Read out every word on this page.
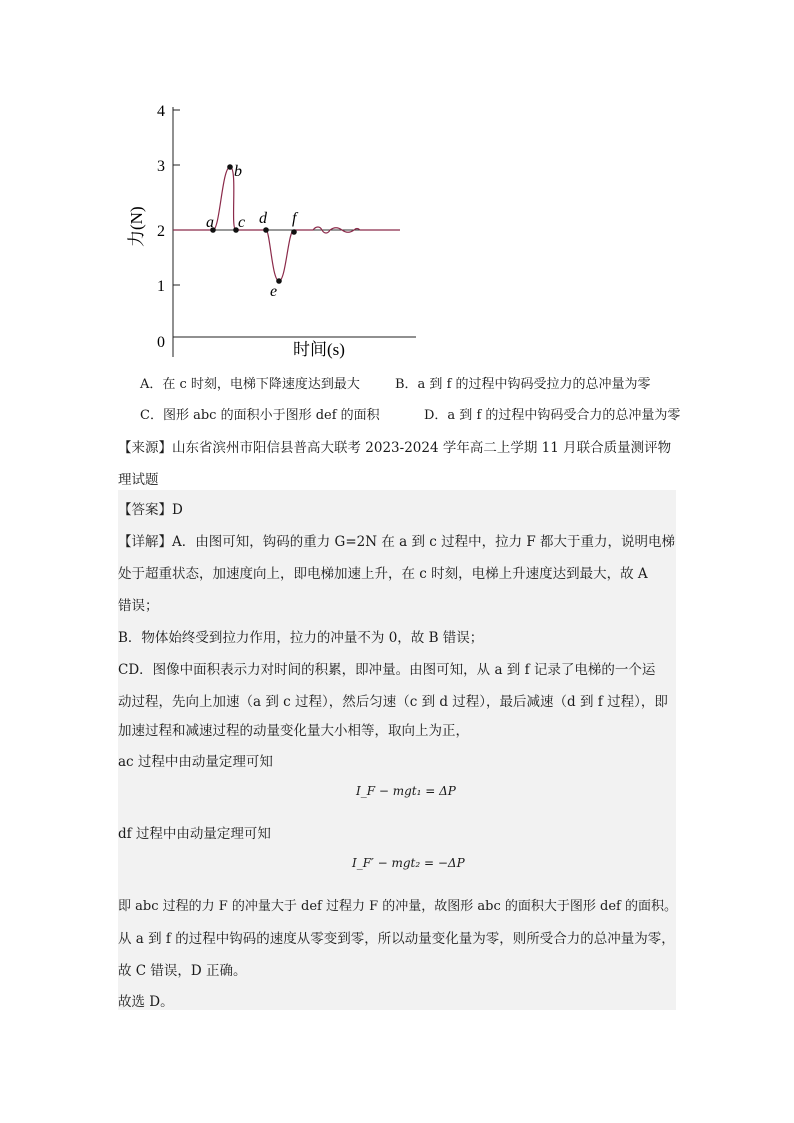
4
3
2
1
0
力(N)
时间(s)
a
b
c d
e
f
A．在 c 时刻，电梯下降速度达到最大	B．a 到 f 的过程中钩码受拉力的总冲量为零
C．图形 abc 的面积小于图形 def 的面积	D．a 到 f 的过程中钩码受合力的总冲量为零
【来源】山东省滨州市阳信县普高大联考 2023-2024 学年高二上学期 11 月联合质量测评物
理试题
【答案】D
【详解】A．由图可知，钩码的重力 G=2N 在 a 到 c 过程中，拉力 F 都大于重力，说明电梯
处于超重状态，加速度向上，即电梯加速上升，在 c 时刻，电梯上升速度达到最大，故 A
错误；
B．物体始终受到拉力作用，拉力的冲量不为 0，故 B 错误；
CD．图像中面积表示力对时间的积累，即冲量。由图可知，从 a 到 f 记录了电梯的一个运
动过程，先向上加速（a 到 c 过程），然后匀速（c 到 d 过程），最后减速（d 到 f 过程），即
加速过程和减速过程的动量变化量大小相等，取向上为正，
ac 过程中由动量定理可知
I_F − mgt₁ = ΔP
df 过程中由动量定理可知
I_F′ − mgt₂ = −ΔP
即 abc 过程的力 F 的冲量大于 def 过程力 F 的冲量，故图形 abc 的面积大于图形 def 的面积。
从 a 到 f 的过程中钩码的速度从零变到零，所以动量变化量为零，则所受合力的总冲量为零，
故 C 错误，D 正确。
故选 D。
